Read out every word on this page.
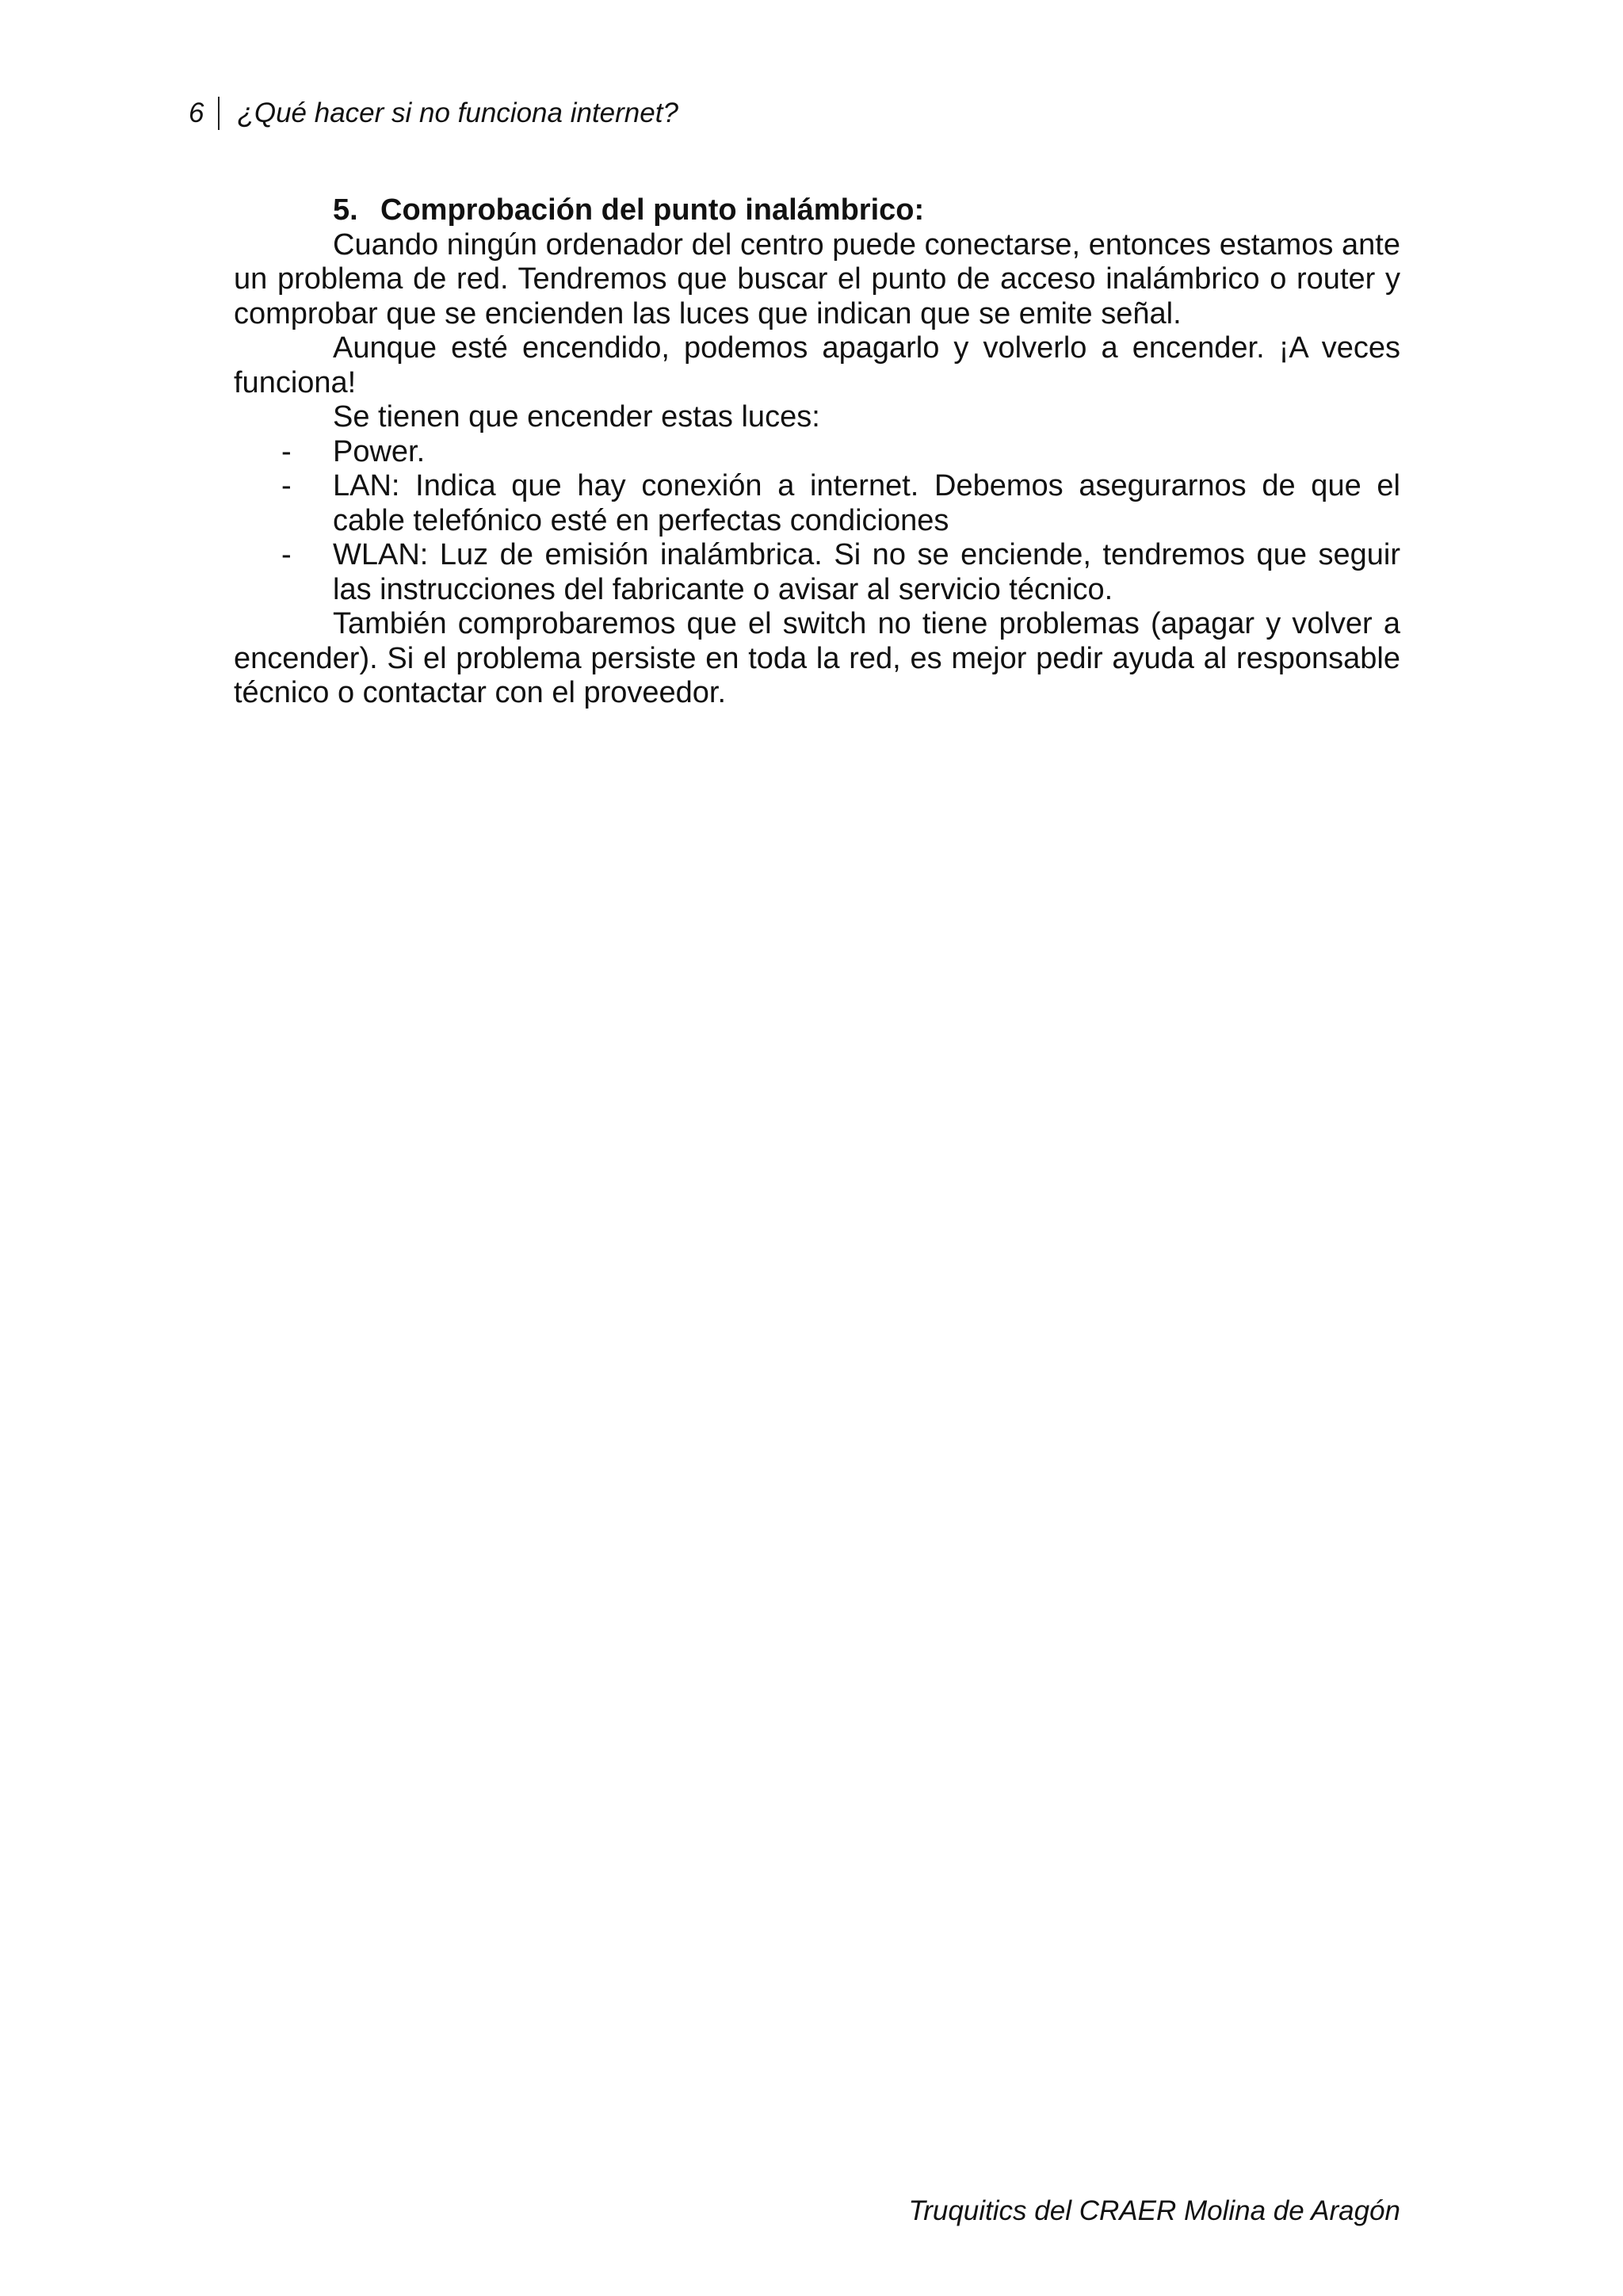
6	¿Qué hacer si no funciona internet?
5. Comprobación del punto inalámbrico:

Cuando ningún ordenador del centro puede conectarse, entonces estamos ante un problema de red. Tendremos que buscar el punto de acceso inalámbrico o router y comprobar que se encienden las luces que indican que se emite señal.

Aunque esté encendido, podemos apagarlo y volverlo a encender. ¡A veces funciona!

Se tienen que encender estas luces:

-	Power.
-	LAN: Indica que hay conexión a internet. Debemos asegurarnos de que el cable telefónico esté en perfectas condiciones
-	WLAN: Luz de emisión inalámbrica. Si no se enciende, tendremos que seguir las instrucciones del fabricante o avisar al servicio técnico.

También comprobaremos que el switch no tiene problemas (apagar y volver a encender). Si el problema persiste en toda la red, es mejor pedir ayuda al responsable técnico o contactar con el proveedor.

Truquitics del CRAER Molina de Aragón
